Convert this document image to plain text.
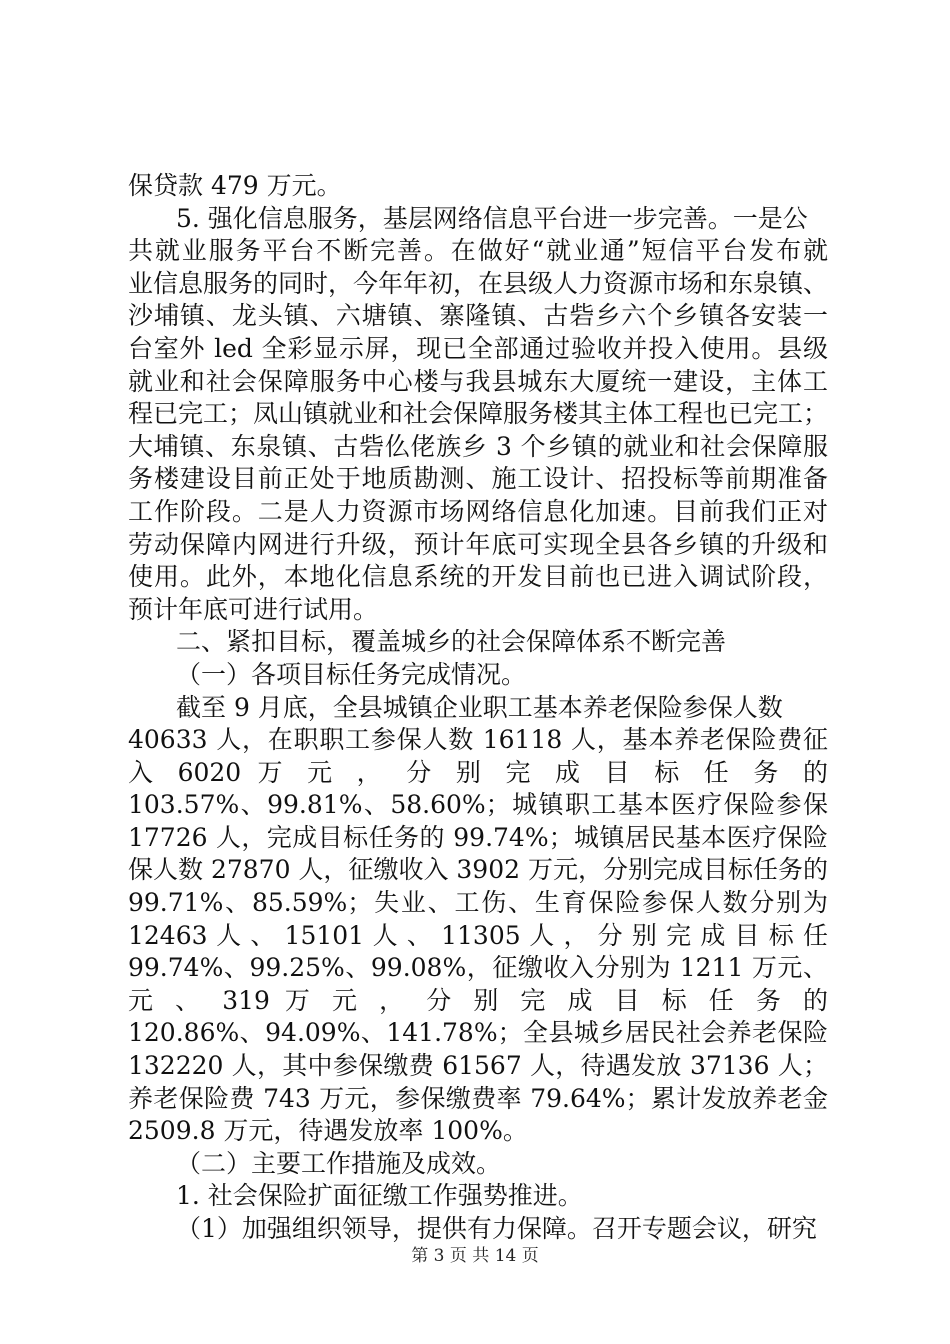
保贷款 479 万元。
5. 强化信息服务，基层网络信息平台进一步完善。一是公
共就业服务平台不断完善。在做好“就业通”短信平台发布就
业信息服务的同时，今年年初，在县级人力资源市场和东泉镇、
沙埔镇、龙头镇、六塘镇、寨隆镇、古砦乡六个乡镇各安装一
台室外 led 全彩显示屏，现已全部通过验收并投入使用。县级
就业和社会保障服务中心楼与我县城东大厦统一建设，主体工
程已完工；凤山镇就业和社会保障服务楼其主体工程也已完工；
大埔镇、东泉镇、古砦仫佬族乡 3 个乡镇的就业和社会保障服
务楼建设目前正处于地质勘测、施工设计、招投标等前期准备
工作阶段。二是人力资源市场网络信息化加速。目前我们正对
劳动保障内网进行升级，预计年底可实现全县各乡镇的升级和
使用。此外，本地化信息系统的开发目前也已进入调试阶段，
预计年底可进行试用。
二、紧扣目标，覆盖城乡的社会保障体系不断完善
（一）各项目标任务完成情况。
截至 9 月底，全县城镇企业职工基本养老保险参保人数
40633 人，在职职工参保人数 16118 人，基本养老保险费征
入 6020 万 元 ， 分 别 完 成 目 标 任 务 的
103.57%、99.81%、58.60%；城镇职工基本医疗保险参保
17726 人，完成目标任务的 99.74%；城镇居民基本医疗保险
保人数 27870 人，征缴收入 3902 万元，分别完成目标任务的
99.71%、85.59%；失业、工伤、生育保险参保人数分别为
12463 人 、 15101 人 、 11305 人 ， 分 别 完 成 目 标 任
99.74%、99.25%、99.08%，征缴收入分别为 1211 万元、
元 、 319 万 元 ， 分 别 完 成 目 标 任 务 的
120.86%、94.09%、141.78%；全县城乡居民社会养老保险
132220 人，其中参保缴费 61567 人，待遇发放 37136 人；
养老保险费 743 万元，参保缴费率 79.64%；累计发放养老金
2509.8 万元，待遇发放率 100%。
（二）主要工作措施及成效。
1. 社会保险扩面征缴工作强势推进。
（1）加强组织领导，提供有力保障。召开专题会议，研究
第 3 页 共 14 页
